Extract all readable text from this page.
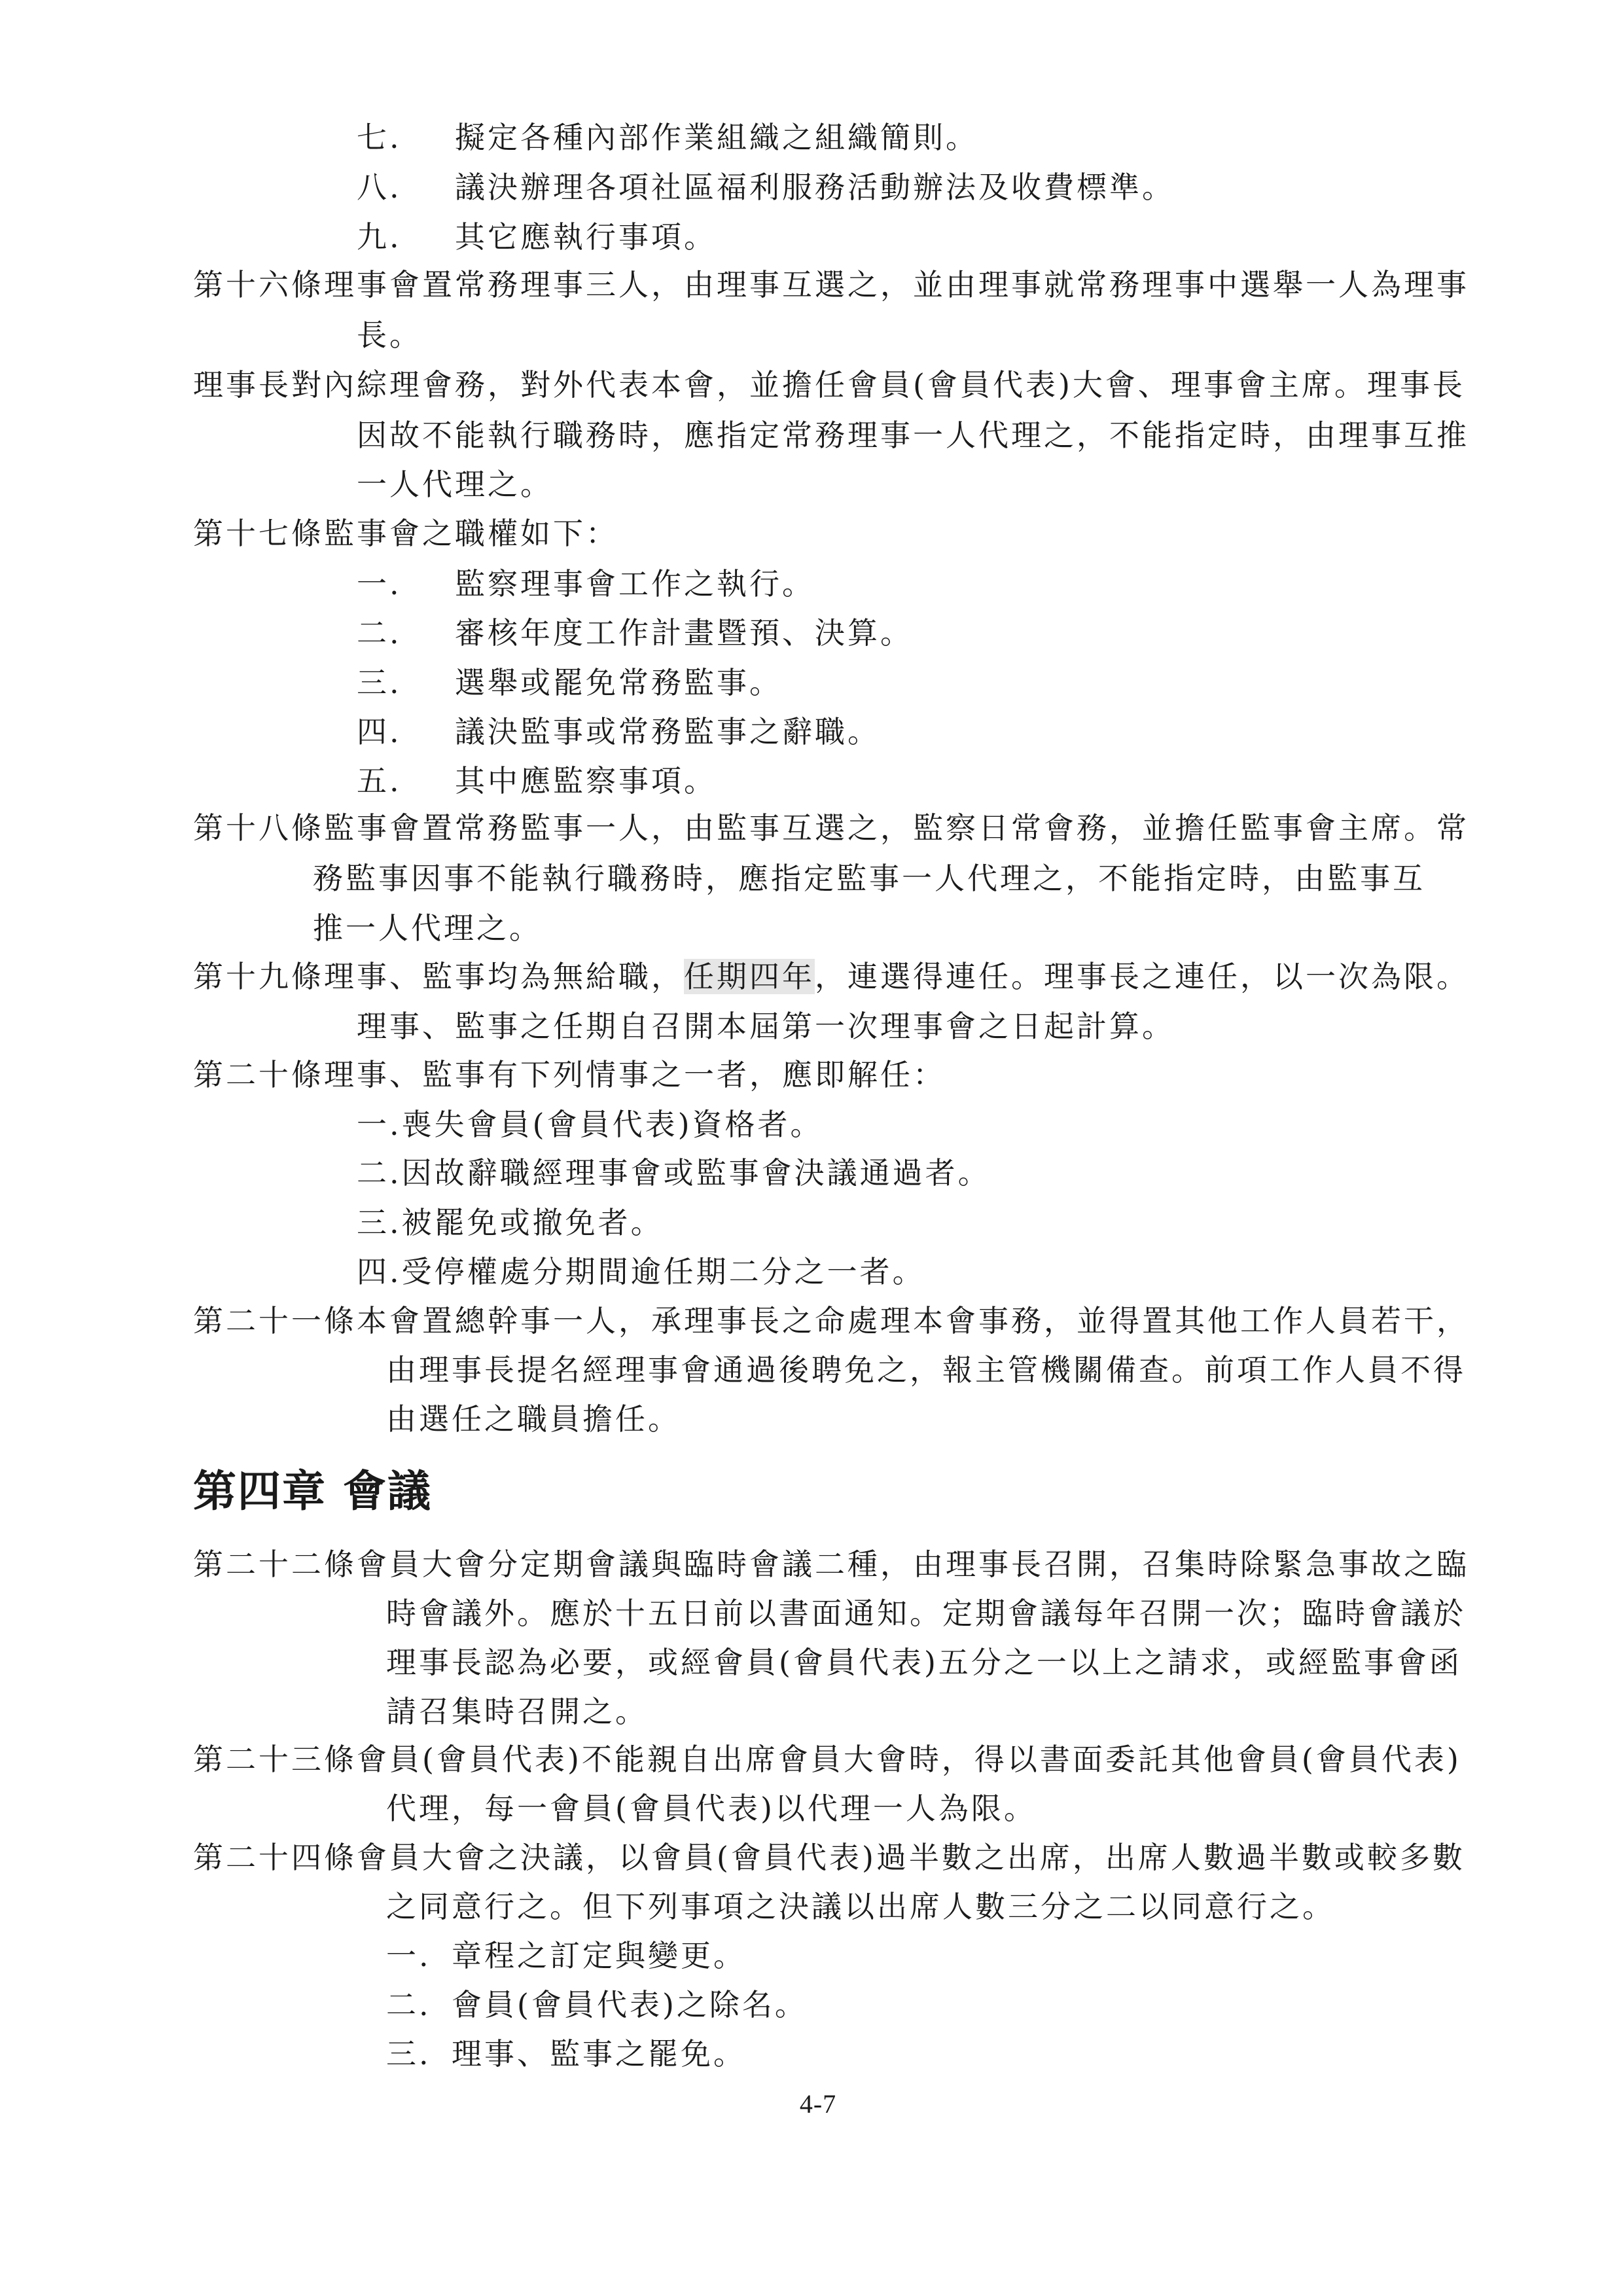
七. 擬定各種內部作業組織之組織簡則。
八. 議決辦理各項社區福利服務活動辦法及收費標準。
九. 其它應執行事項。
第十六條理事會置常務理事三人，由理事互選之，並由理事就常務理事中選舉一人為理事
長。
理事長對內綜理會務，對外代表本會，並擔任會員(會員代表)大會、理事會主席。理事長
因故不能執行職務時，應指定常務理事一人代理之，不能指定時，由理事互推
一人代理之。
第十七條監事會之職權如下：
一. 監察理事會工作之執行。
二. 審核年度工作計畫暨預、決算。
三. 選舉或罷免常務監事。
四. 議決監事或常務監事之辭職。
五. 其中應監察事項。
第十八條監事會置常務監事一人，由監事互選之，監察日常會務，並擔任監事會主席。常
務監事因事不能執行職務時，應指定監事一人代理之，不能指定時，由監事互
推一人代理之。
第十九條理事、監事均為無給職，任期四年，連選得連任。理事長之連任，以一次為限。
理事、監事之任期自召開本屆第一次理事會之日起計算。
第二十條理事、監事有下列情事之一者，應即解任：
一.喪失會員(會員代表)資格者。
二.因故辭職經理事會或監事會決議通過者。
三.被罷免或撤免者。
四.受停權處分期間逾任期二分之一者。
第二十一條本會置總幹事一人，承理事長之命處理本會事務，並得置其他工作人員若干，
由理事長提名經理事會通過後聘免之，報主管機關備查。前項工作人員不得
由選任之職員擔任。
第四章 會議
第二十二條會員大會分定期會議與臨時會議二種，由理事長召開，召集時除緊急事故之臨
時會議外。應於十五日前以書面通知。定期會議每年召開一次；臨時會議於
理事長認為必要，或經會員(會員代表)五分之一以上之請求，或經監事會函
請召集時召開之。
第二十三條會員(會員代表)不能親自出席會員大會時，得以書面委託其他會員(會員代表)
代理，每一會員(會員代表)以代理一人為限。
第二十四條會員大會之決議，以會員(會員代表)過半數之出席，出席人數過半數或較多數
之同意行之。但下列事項之決議以出席人數三分之二以同意行之。
一. 章程之訂定與變更。
二. 會員(會員代表)之除名。
三. 理事、監事之罷免。
4-7
